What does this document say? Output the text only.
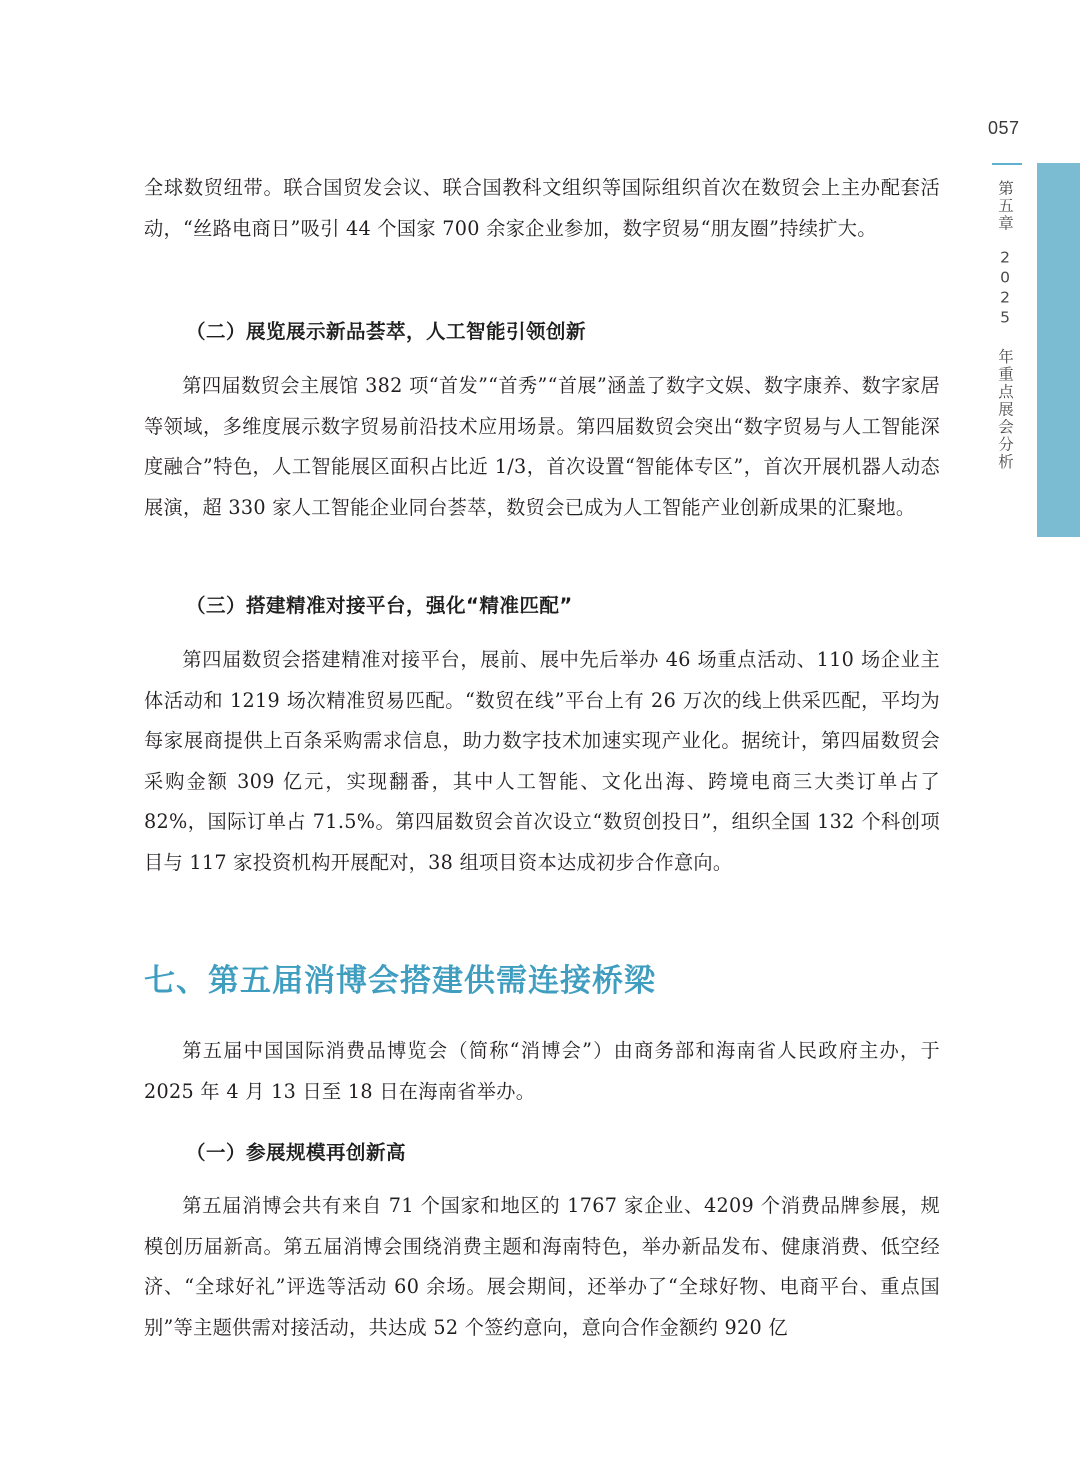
057
第五章2025 年重点展会分析

全球数贸纽带。联合国贸发会议、联合国教科文组织等国际组织首次在数贸会上主办配套活动，“丝路电商日”吸引 44 个国家 700 余家企业参加，数字贸易“朋友圈”持续扩大。

（二）展览展示新品荟萃，人工智能引领创新

第四届数贸会主展馆 382 项“首发”“首秀”“首展”涵盖了数字文娱、数字康养、数字家居等领域，多维度展示数字贸易前沿技术应用场景。第四届数贸会突出“数字贸易与人工智能深度融合”特色，人工智能展区面积占比近 1/3，首次设置“智能体专区”，首次开展机器人动态展演，超 330 家人工智能企业同台荟萃，数贸会已成为人工智能产业创新成果的汇聚地。

（三）搭建精准对接平台，强化“精准匹配”

第四届数贸会搭建精准对接平台，展前、展中先后举办 46 场重点活动、110 场企业主体活动和 1219 场次精准贸易匹配。“数贸在线”平台上有 26 万次的线上供采匹配，平均为每家展商提供上百条采购需求信息，助力数字技术加速实现产业化。据统计，第四届数贸会采购金额 309 亿元，实现翻番，其中人工智能、文化出海、跨境电商三大类订单占了 82%，国际订单占 71.5%。第四届数贸会首次设立“数贸创投日”，组织全国 132 个科创项目与 117 家投资机构开展配对，38 组项目资本达成初步合作意向。

七、第五届消博会搭建供需连接桥梁

第五届中国国际消费品博览会（简称“消博会”）由商务部和海南省人民政府主办，于 2025 年 4 月 13 日至 18 日在海南省举办。

（一）参展规模再创新高

第五届消博会共有来自 71 个国家和地区的 1767 家企业、4209 个消费品牌参展，规模创历届新高。第五届消博会围绕消费主题和海南特色，举办新品发布、健康消费、低空经济、“全球好礼”评选等活动 60 余场。展会期间，还举办了“全球好物、电商平台、重点国别”等主题供需对接活动，共达成 52 个签约意向，意向合作金额约 920 亿
